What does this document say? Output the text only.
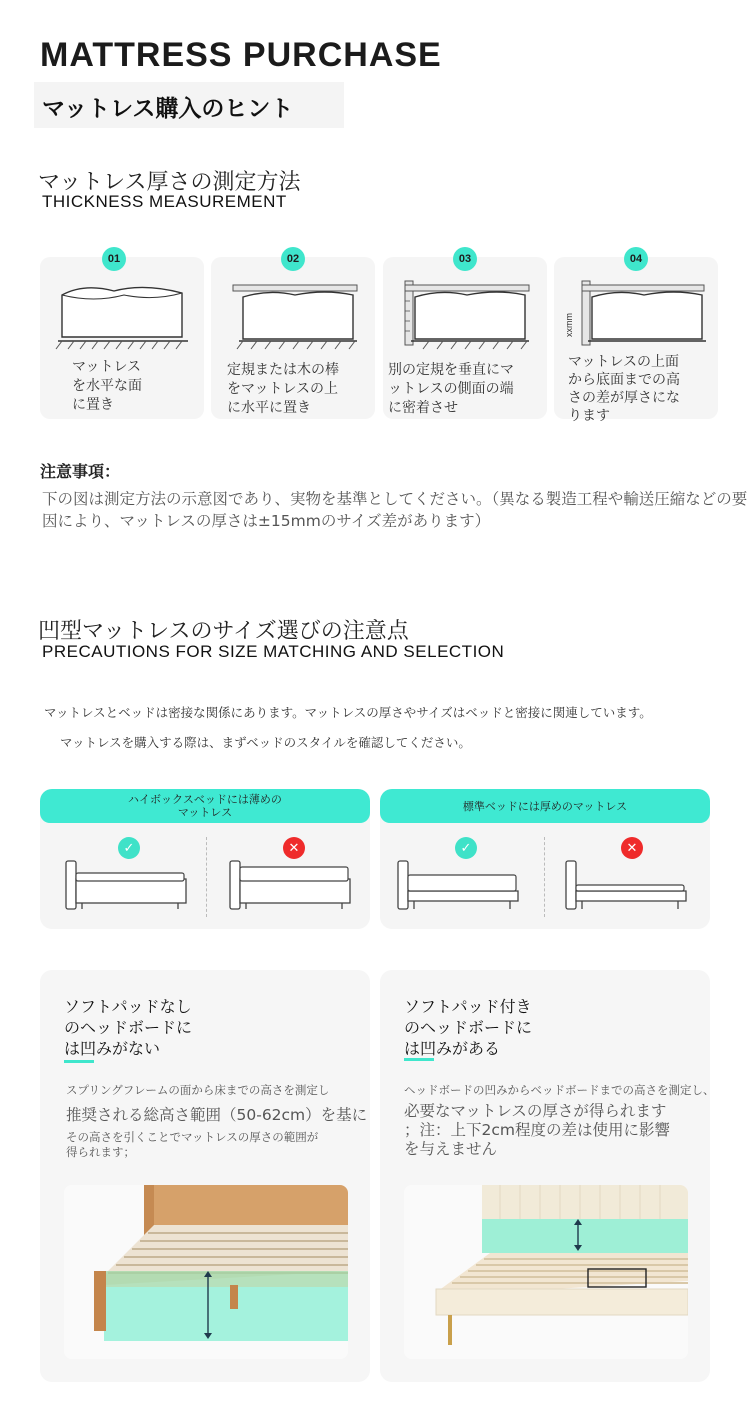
MATTRESS PURCHASE
マットレス購入のヒント
マットレス厚さの測定方法
THICKNESS MEASUREMENT
01
マットレス
を水平な面
に置き
02
定規または木の棒
をマットレスの上
に水平に置き
03
別の定規を垂直にマ
ットレスの側面の端
に密着させ
04
xxmm
マットレスの上面
から底面までの高
さの差が厚さにな
ります
注意事項：
下の図は測定方法の示意図であり、実物を基準としてください。（異なる製造工程や輸送圧縮などの要因により、マットレスの厚さは±15mmのサイズ差があります）
凹型マットレスのサイズ選びの注意点
PRECAUTIONS FOR SIZE MATCHING AND SELECTION
マットレスとベッドは密接な関係にあります。マットレスの厚さやサイズはベッドと密接に関連しています。
マットレスを購入する際は、まずベッドのスタイルを確認してください。
ハイボックスベッドには薄めの
マットレス
✓	✕
標準ベッドには厚めのマットレス
✓	✕
ソフトパッドなし
のヘッドボードに
は凹みがない
スプリングフレームの面から床までの高さを測定し
推奨される総高さ範囲（50-62cm）を基に
その高さを引くことでマットレスの厚さの範囲が
得られます；
ソフトパッド付き
のヘッドボードに
は凹みがある
ヘッドボードの凹みからベッドボードまでの高さを測定し、
必要なマットレスの厚さが得られます
；注：上下2cm程度の差は使用に影響
を与えません
